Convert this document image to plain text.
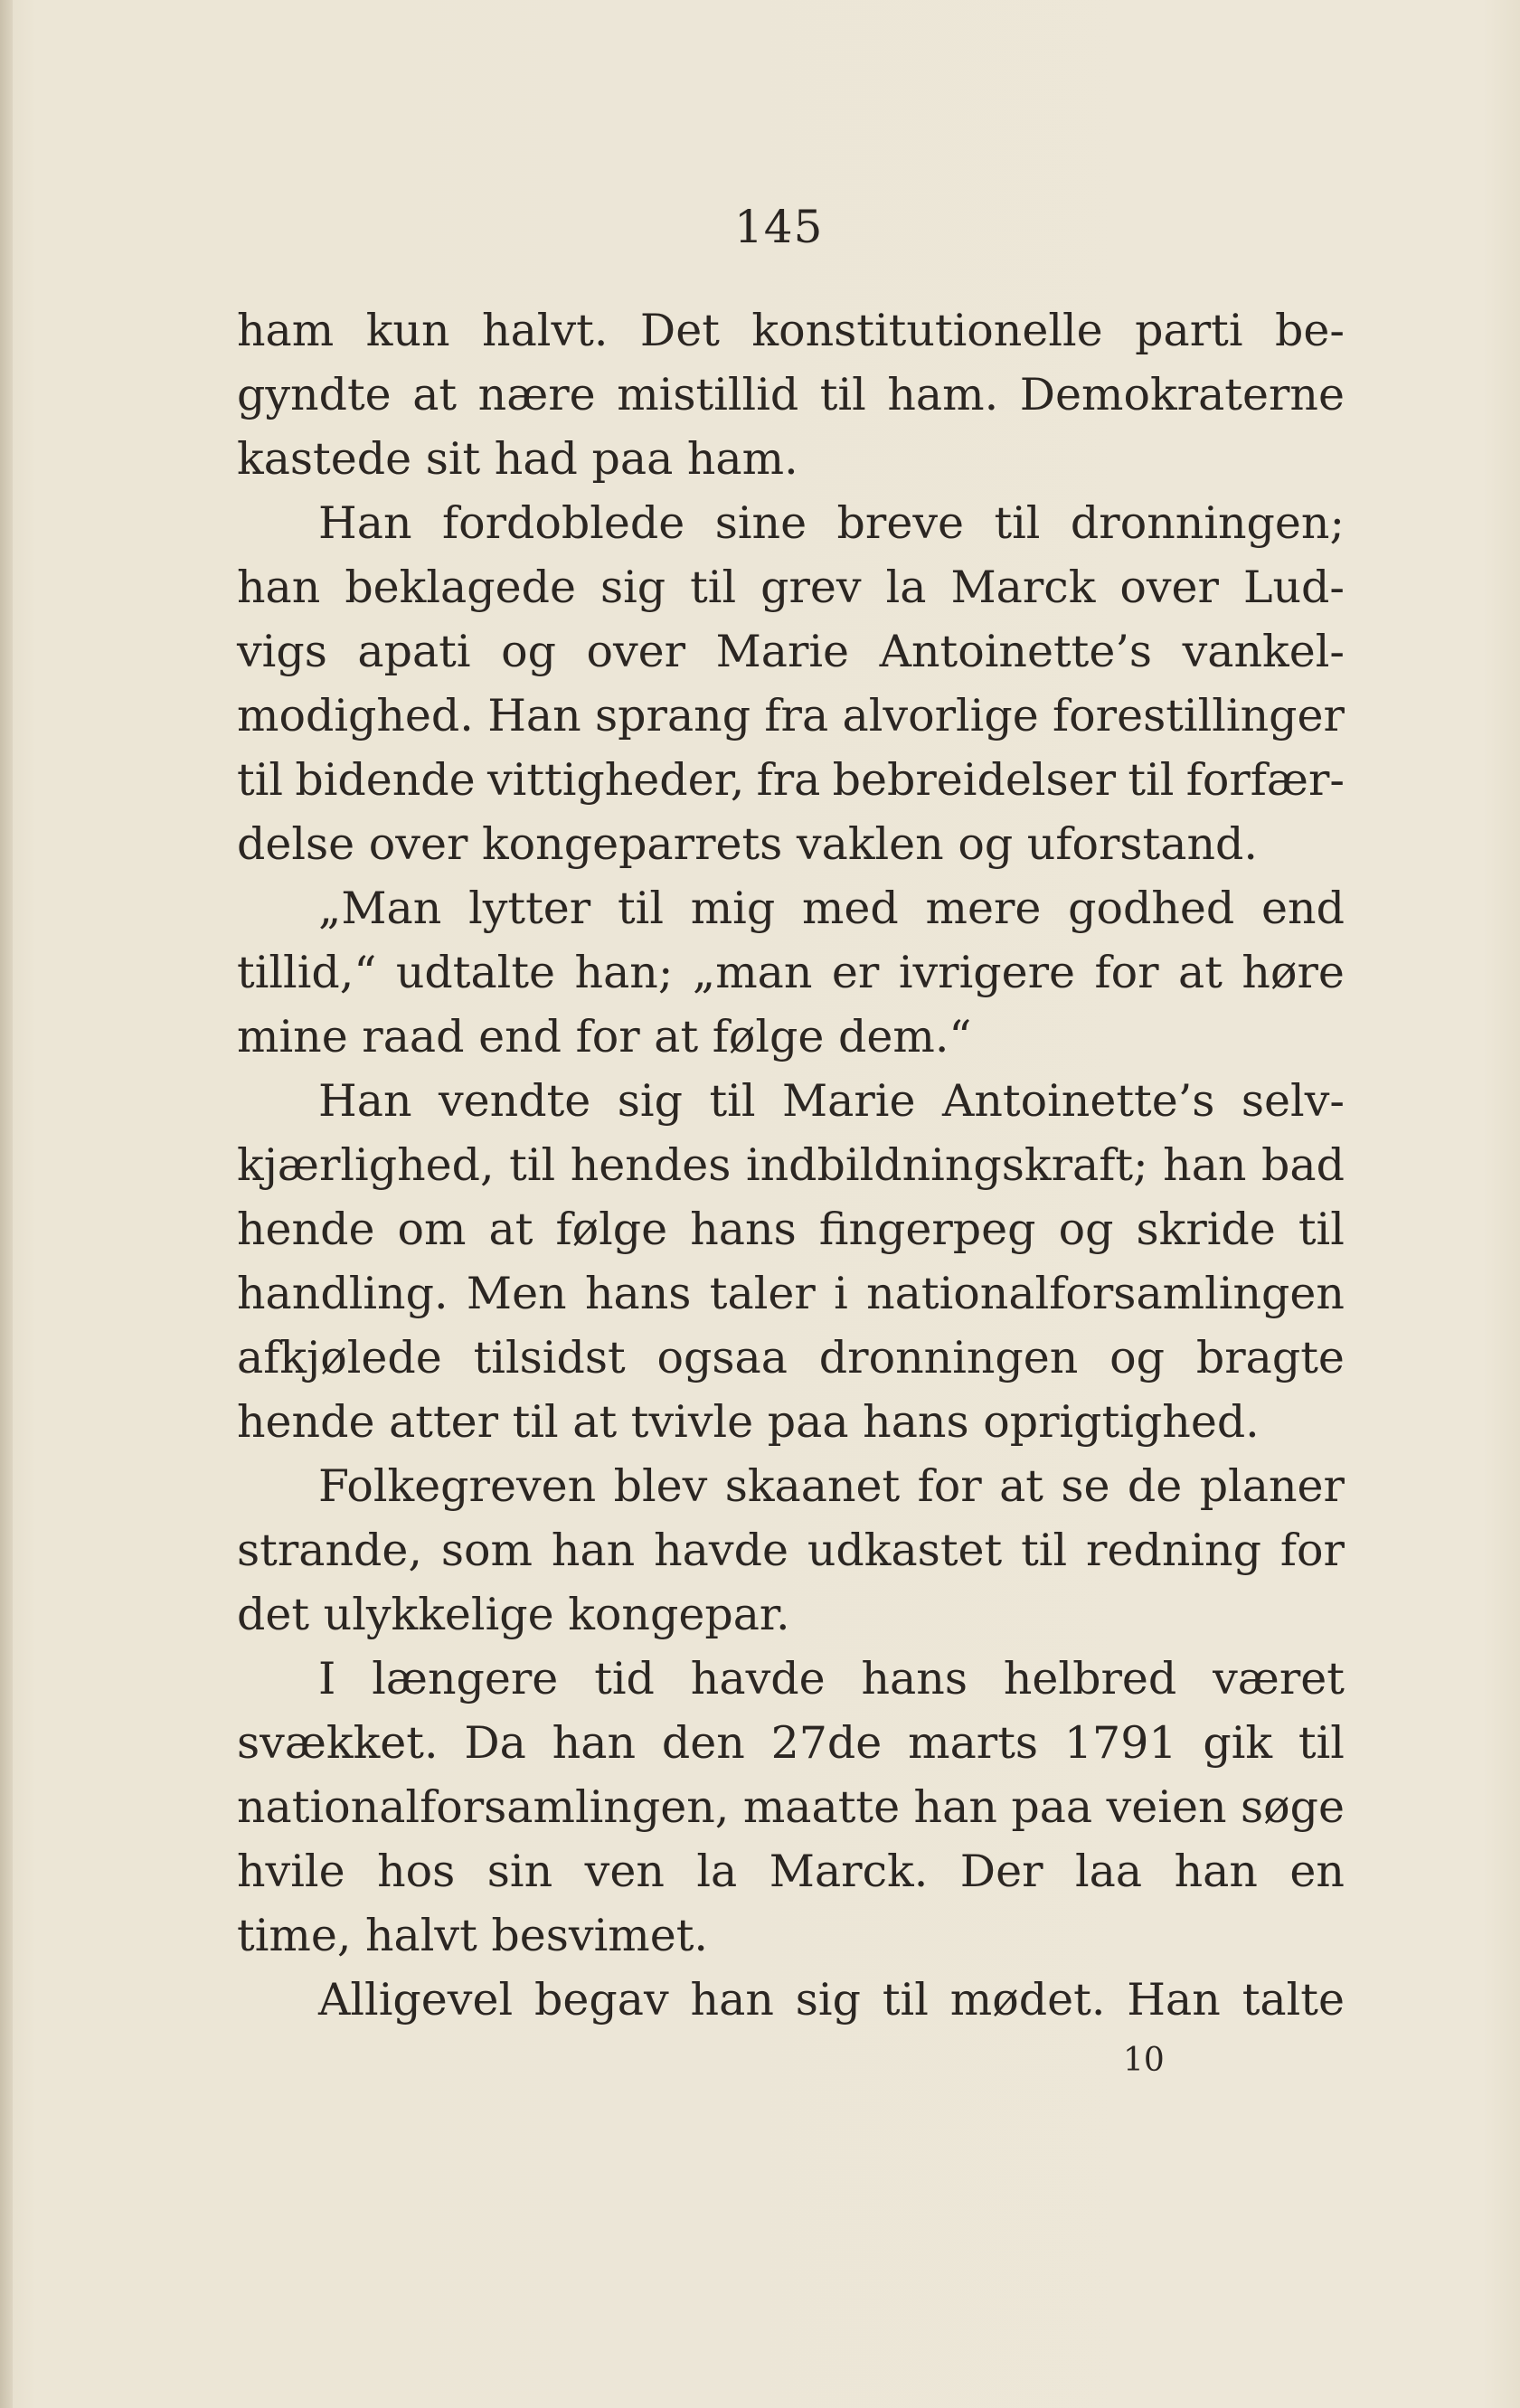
145
ham kun halvt. Det konstitutionelle parti be-
gyndte at nære mistillid til ham. Demokraterne
kastede
sit
had
paa
ham.
Han fordoblede sine breve til dronningen;
han beklagede sig til grev la Marck over Lud-
vigs apati og over Marie Antoinette’s vankel-
modighed. Han sprang fra alvorlige forestillinger
til bidende vittigheder, fra bebreidelser til forfær-
delse
over
kongeparrets
vaklen
og
uforstand.
„Man lytter til mig med mere godhed end
tillid,“ udtalte han; „man er ivrigere for at høre
mine
raad
end
for
at
følge
dem.“
Han vendte sig til Marie Antoinette’s selv-
kjærlighed, til hendes indbildningskraft; han bad
hende om at følge hans fingerpeg og skride til
handling. Men hans taler i nationalforsamlingen
afkjølede tilsidst ogsaa dronningen og bragte
hende
atter
til
at
tvivle
paa
hans
oprigtighed.
Folkegreven blev skaanet for at se de planer
strande, som han havde udkastet til redning for
det
ulykkelige
kongepar.
I længere tid havde hans helbred været
svækket. Da han den 27de marts 1791 gik til
nationalforsamlingen, maatte han paa veien søge
hvile hos sin ven la Marck. Der laa han en
time,
halvt
besvimet.
Alligevel begav han sig til mødet. Han talte
10
